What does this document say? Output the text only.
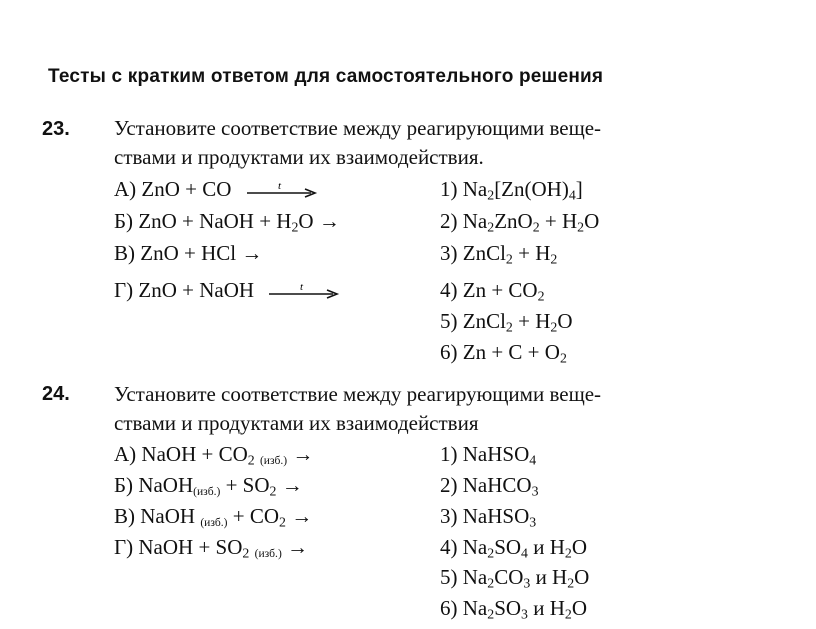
Тесты с кратким ответом для самостоятельного решения
23. Установите соответствие между реагирующими веще-
ствами и продуктами их взаимодействия.
А) ZnO + CO	t
Б) ZnO + NaOH + $H_2O$ →
В) ZnO + HCl →
Г) ZnO + NaOH	t
1) $Na_2[Zn(OH)_4]$
2) $Na_2ZnO_2 + H_2O$
3) ZnCl$_2$ + $H_2$
4) $Zn + CO_2$
5) ZnCl$_2$ + $H_2O$
6) $Zn + C + O_2$
24. Установите соответствие между реагирующими веще-
ствами и продуктами их взаимодействия
А) NaOH + $CO_2$ $_{(изб.)}$ →
Б) NaOH$_{(изб.)}$ + $SO_2$ →
В) NaOH $_{(изб.)} + CO_2$ →
Г) NaOH + $SO_2$ $_{(изб.)}$ →
1) NaHSO$_4$
2) NaHCO$_3$
3) NaHSO$_3$
4) $Na_2SO_4$ и $H_2O$
5) $Na_2CO_3$ и $H_2O$
6) $Na_2SO_3$ и $H_2O$
